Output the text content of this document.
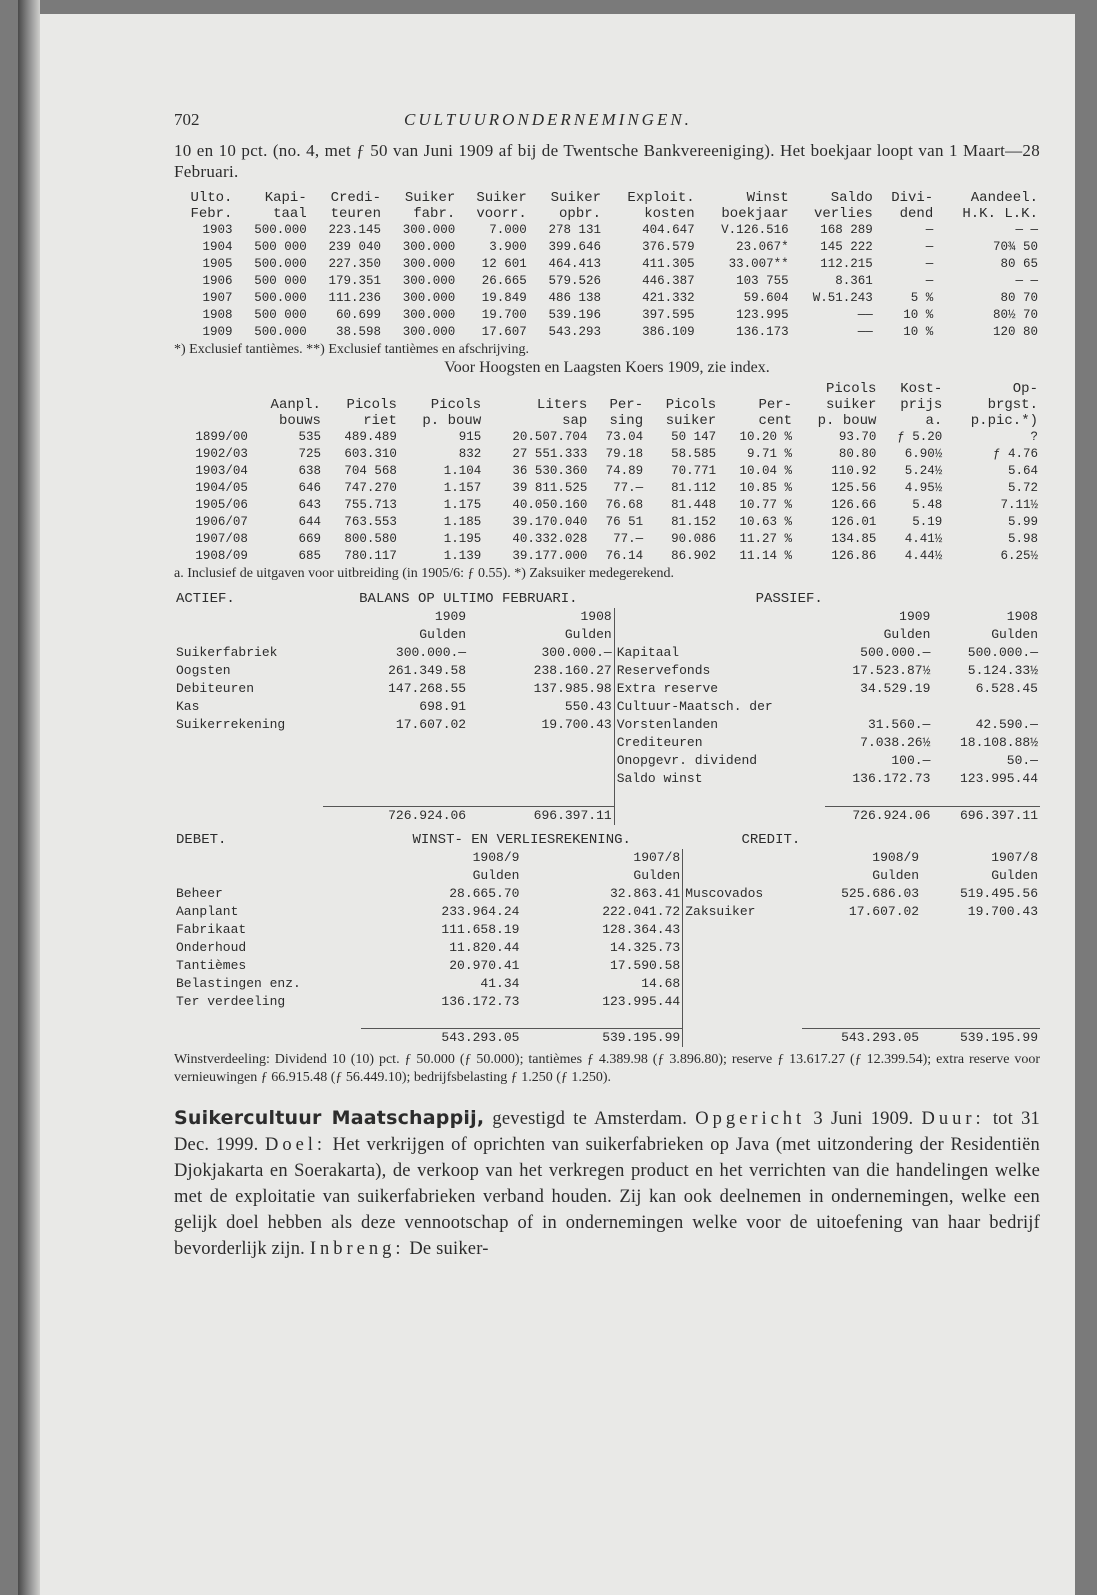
702	CULTUURONDERNEMINGEN.

10 en 10 pct. (no. 4, met ƒ 50 van Juni 1909 af bij de Twentsche Bankvereeniging). Het boekjaar loopt van 1 Maart—28 Februari.

Ulto.	Kapi-	Credi-	Suiker	Suiker	Suiker	Exploit.	Winst	Saldo	Divi-	Aandeel.
Febr.	taal	teuren	fabr.	voorr.	opbr.	kosten	boekjaar	verlies	dend	H.K. L.K.
1903	500.000	223.145	300.000	7.000	278 131	404.647	V.126.516	168 289	—	— —
1904	500 000	239 040	300.000	3.900	399.646	376.579	23.067*	145 222	—	70¾ 50
1905	500.000	227.350	300.000	12 601	464.413	411.305	33.007**	112.215	—	80 65
1906	500 000	179.351	300.000	26.665	579.526	446.387	103 755	8.361	—	— —
1907	500.000	111.236	300.000	19.849	486 138	421.332	59.604	W.51.243	5 %	80 70
1908	500 000	60.699	300.000	19.700	539.196	397.595	123.995	——	10 %	80½ 70
1909	500.000	38.598	300.000	17.607	543.293	386.109	136.173	——	10 %	120 80

*) Exclusief tantièmes. **) Exclusief tantièmes en afschrijving.

Voor Hoogsten en Laagsten Koers 1909, zie index.

								Picols	Kost-	Op-
	Aanpl.	Picols	Picols	Liters	Per-	Picols	Per-	suiker	prijs	brgst.
	bouws	riet	p. bouw	sap	sing	suiker	cent	p. bouw	a.	p.pic.*)
1899/00	535	489.489	915	20.507.704	73.04	50 147	10.20 %	93.70	ƒ 5.20	?
1902/03	725	603.310	832	27 551.333	79.18	58.585	9.71 %	80.80	6.90½	ƒ 4.76
1903/04	638	704 568	1.104	36 530.360	74.89	70.771	10.04 %	110.92	5.24½	5.64
1904/05	646	747.270	1.157	39 811.525	77.—	81.112	10.85 %	125.56	4.95½	5.72
1905/06	643	755.713	1.175	40.050.160	76.68	81.448	10.77 %	126.66	5.48	7.11½
1906/07	644	763.553	1.185	39.170.040	76 51	81.152	10.63 %	126.01	5.19	5.99
1907/08	669	800.580	1.195	40.332.028	77.—	90.086	11.27 %	134.85	4.41½	5.98
1908/09	685	780.117	1.139	39.177.000	76.14	86.902	11.14 %	126.86	4.44½	6.25½

a. Inclusief de uitgaven voor uitbreiding (in 1905/6: ƒ 0.55). *) Zaksuiker medegerekend.

ACTIEF.	BALANS OP ULTIMO FEBRUARI.		PASSIEF.		
	1909	1908			1909	1908
	Gulden	Gulden			Gulden	Gulden
Suikerfabriek	300.000.—	300.000.—		Kapitaal	500.000.—	500.000.—
Oogsten	261.349.58	238.160.27		Reservefonds	17.523.87½	5.124.33½
Debiteuren	147.268.55	137.985.98		Extra reserve	34.529.19	6.528.45
Kas	698.91	550.43		Cultuur-Maatsch. der		
Suikerrekening	17.607.02	19.700.43		Vorstenlanden	31.560.—	42.590.—
				Crediteuren	7.038.26½	18.108.88½
				Onopgevr. dividend	100.—	50.—
				Saldo winst	136.172.73	123.995.44

	726.924.06	696.397.11			726.924.06	696.397.11
DEBET.	WINST- EN VERLIESREKENING.		CREDIT.		
	1908/9	1907/8			1908/9	1907/8
	Gulden	Gulden			Gulden	Gulden
Beheer	28.665.70	32.863.41		Muscovados	525.686.03	519.495.56
Aanplant	233.964.24	222.041.72		Zaksuiker	17.607.02	19.700.43
Fabrikaat	111.658.19	128.364.43				
Onderhoud	11.820.44	14.325.73				
Tantièmes	20.970.41	17.590.58				
Belastingen enz.	41.34	14.68				
Ter verdeeling	136.172.73	123.995.44				

	543.293.05	539.195.99			543.293.05	539.195.99

Winstverdeeling: Dividend 10 (10) pct. ƒ 50.000 (ƒ 50.000); tantièmes ƒ 4.389.98 (ƒ 3.896.80); reserve ƒ 13.617.27 (ƒ 12.399.54); extra reserve voor vernieuwingen ƒ 66.915.48 (ƒ 56.449.10); bedrijfsbelasting ƒ 1.250 (ƒ 1.250).

Suikercultuur Maatschappij, gevestigd te Amsterdam. Opgericht 3 Juni 1909. Duur: tot 31 Dec. 1999. Doel: Het verkrijgen of oprichten van suikerfabrieken op Java (met uitzondering der Residentiën Djokjakarta en Soerakarta), de verkoop van het verkregen product en het verrichten van die handelingen welke met de exploitatie van suikerfabrieken verband houden. Zij kan ook deelnemen in ondernemingen, welke een gelijk doel hebben als deze vennootschap of in ondernemingen welke voor de uitoefening van haar bedrijf bevorderlijk zijn. Inbreng: De suiker-
